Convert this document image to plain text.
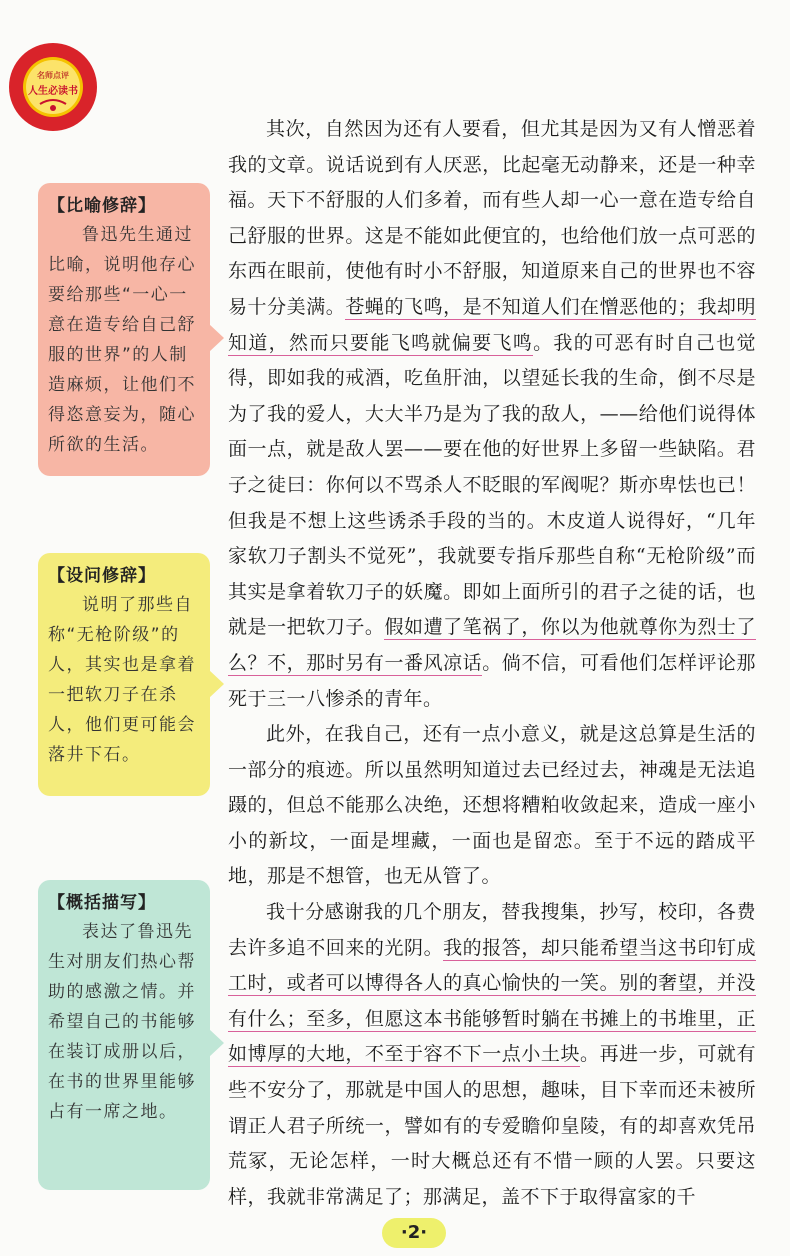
名师点评
人生必读书

【比喻修辞】

鲁迅先生通过比喻，说明他存心要给那些“一心一意在造专给自己舒服的世界”的人制造麻烦，让他们不得恣意妄为，随心所欲的生活。

【设问修辞】

说明了那些自称“无枪阶级”的人，其实也是拿着一把软刀子在杀人，他们更可能会落井下石。

【概括描写】

表达了鲁迅先生对朋友们热心帮助的感激之情。并希望自己的书能够在装订成册以后，在书的世界里能够占有一席之地。

其次，自然因为还有人要看，但尤其是因为又有人憎恶着我的文章。说话说到有人厌恶，比起毫无动静来，还是一种幸福。天下不舒服的人们多着，而有些人却一心一意在造专给自己舒服的世界。这是不能如此便宜的，也给他们放一点可恶的东西在眼前，使他有时小不舒服，知道原来自己的世界也不容易十分美满。苍蝇的飞鸣，是不知道人们在憎恶他的；我却明知道，然而只要能飞鸣就偏要飞鸣。我的可恶有时自己也觉得，即如我的戒酒，吃鱼肝油，以望延长我的生命，倒不尽是为了我的爱人，大大半乃是为了我的敌人，——给他们说得体面一点，就是敌人罢——要在他的好世界上多留一些缺陷。君子之徒曰：你何以不骂杀人不眨眼的军阀呢？斯亦卑怯也已！但我是不想上这些诱杀手段的当的。木皮道人说得好，“几年家软刀子割头不觉死”，我就要专指斥那些自称“无枪阶级”而其实是拿着软刀子的妖魔。即如上面所引的君子之徒的话，也就是一把软刀子。假如遭了笔祸了，你以为他就尊你为烈士了么？不，那时另有一番风凉话。倘不信，可看他们怎样评论那死于三一八惨杀的青年。

此外，在我自己，还有一点小意义，就是这总算是生活的一部分的痕迹。所以虽然明知道过去已经过去，神魂是无法追蹑的，但总不能那么决绝，还想将糟粕收敛起来，造成一座小小的新坟，一面是埋藏，一面也是留恋。至于不远的踏成平地，那是不想管，也无从管了。

我十分感谢我的几个朋友，替我搜集，抄写，校印，各费去许多追不回来的光阴。我的报答，却只能希望当这书印钉成工时，或者可以博得各人的真心愉快的一笑。别的奢望，并没有什么；至多，但愿这本书能够暂时躺在书摊上的书堆里，正如博厚的大地，不至于容不下一点小土块。再进一步，可就有些不安分了，那就是中国人的思想，趣味，目下幸而还未被所谓正人君子所统一，譬如有的专爱瞻仰皇陵，有的却喜欢凭吊荒冢，无论怎样，一时大概总还有不惜一顾的人罢。只要这样，我就非常满足了；那满足，盖不下于取得富家的千

·2·
